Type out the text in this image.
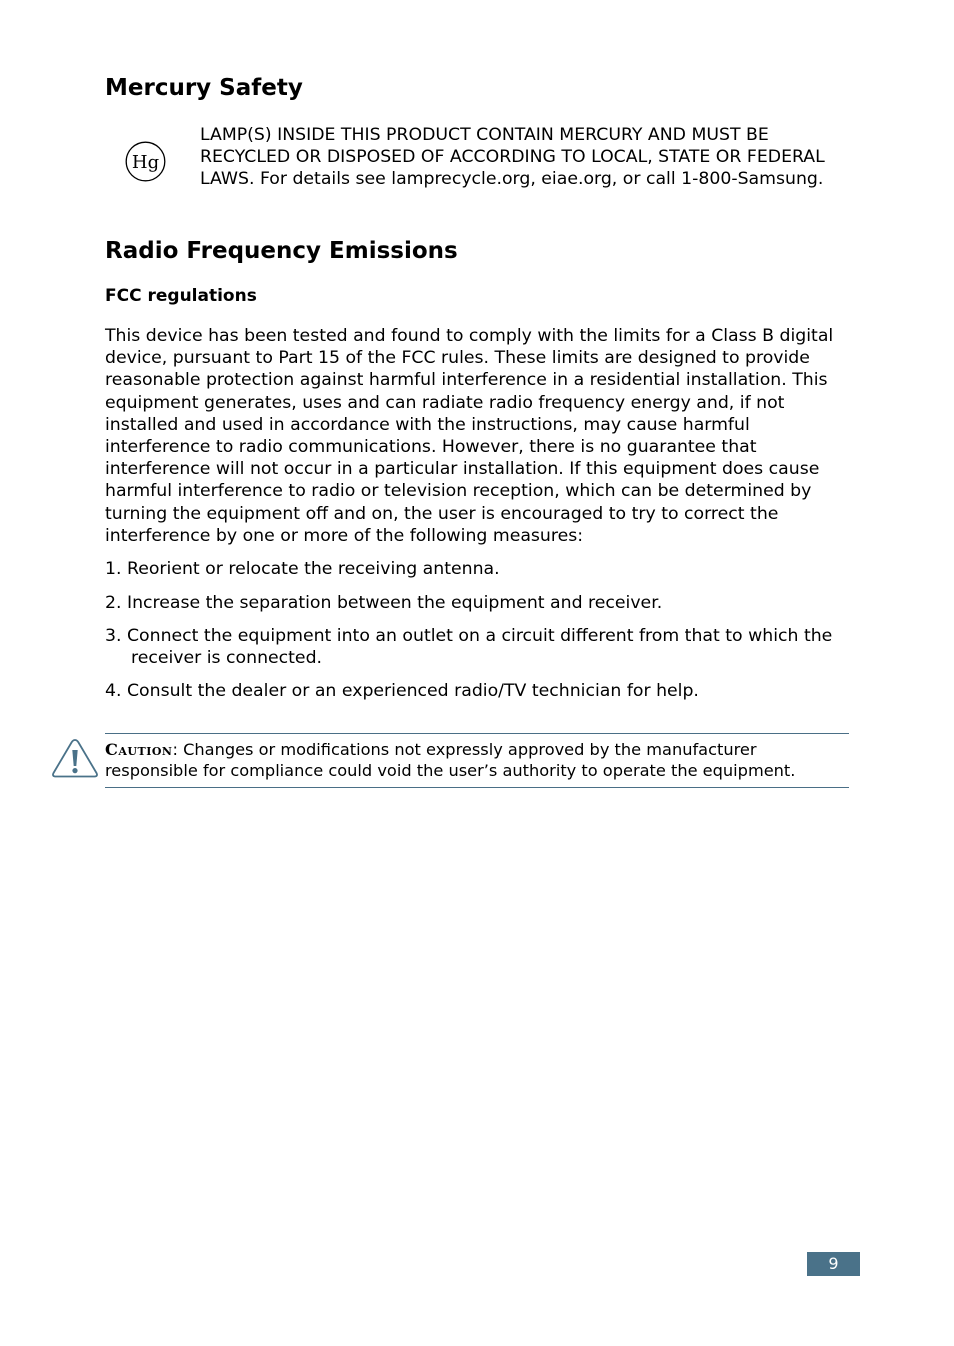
Mercury Safety
Hg

LAMP(S) INSIDE THIS PRODUCT CONTAIN MERCURY AND MUST BE RECYCLED OR DISPOSED OF ACCORDING TO LOCAL, STATE OR FEDERAL LAWS. For details see lamprecycle.org, eiae.org, or call 1-800-Samsung.

Radio Frequency Emissions
FCC regulations

This device has been tested and found to comply with the limits for a Class B digital device, pursuant to Part 15 of the FCC rules. These limits are designed to provide reasonable protection against harmful interference in a residential installation. This equipment generates, uses and can radiate radio frequency energy and, if not installed and used in accordance with the instructions, may cause harmful interference to radio communications. However, there is no guarantee that interference will not occur in a particular installation. If this equipment does cause harmful interference to radio or television reception, which can be determined by turning the equipment off and on, the user is encouraged to try to correct the interference by one or more of the following measures:

1. Reorient or relocate the receiving antenna.

2. Increase the separation between the equipment and receiver.

3. Connect the equipment into an outlet on a circuit different from that to which the receiver is connected.

4. Consult the dealer or an experienced radio/TV technician for help.

Caution: Changes or modifications not expressly approved by the manufacturer responsible for compliance could void the user’s authority to operate the equipment.

9
